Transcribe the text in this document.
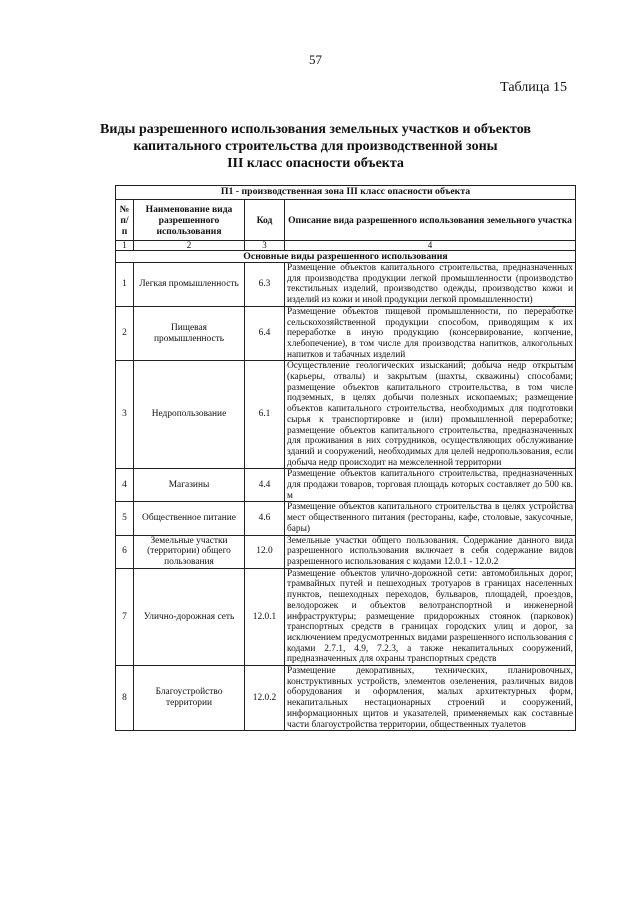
57
Таблица 15
Виды разрешенного использования земельных участков и объектов
капитального строительства для производственной зоны
III класс опасности объекта
П1 - производственная зона III класс опасности объекта			
№ п/п	Наименование вида разрешенного использования	Код	Описание вида разрешенного использования земельного участка
1	2	3	4
Основные виды разрешенного использования			
1	Легкая промышленность	6.3	Размещение объектов капитального строительства, предназначенных для производства продукции легкой промышленности (производство текстильных изделий, производство одежды, производство кожи и изделий из кожи и иной продукции легкой промышленности)
2	Пищевая промышленность	6.4	Размещение объектов пищевой промышленности, по переработке сельскохозяйственной продукции способом, приводящим к их переработке в иную продукцию (консервирование, копчение, хлебопечение), в том числе для производства напитков, алкогольных напитков и табачных изделий
3	Недропользование	6.1	Осуществление геологических изысканий; добыча недр открытым (карьеры, отвалы) и закрытым (шахты, скважины) способами; размещение объектов капитального строительства, в том числе подземных, в целях добычи полезных ископаемых; размещение объектов капитального строительства, необходимых для подготовки сырья к транспортировке и (или) промышленной переработке; размещение объектов капитального строительства, предназначенных для проживания в них сотрудников, осуществляющих обслуживание зданий и сооружений, необходимых для целей недропользования, если добыча недр происходит на межселенной территории
4	Магазины	4.4	Размещение объектов капитального строительства, предназначенных для продажи товаров, торговая площадь которых составляет до 500 кв. м
5	Общественное питание	4.6	Размещение объектов капитального строительства в целях устройства мест общественного питания (рестораны, кафе, столовые, закусочные, бары)
6	Земельные участки (территории) общего пользования	12.0	Земельные участки общего пользования. Содержание данного вида разрешенного использования включает в себя содержание видов разрешенного использования с кодами 12.0.1 - 12.0.2
7	Улично-дорожная сеть	12.0.1	Размещение объектов улично-дорожной сети: автомобильных дорог, трамвайных путей и пешеходных тротуаров в границах населенных пунктов, пешеходных переходов, бульваров, площадей, проездов, велодорожек и объектов велотранспортной и инженерной инфраструктуры; размещение придорожных стоянок (парковок) транспортных средств в границах городских улиц и дорог, за исключением предусмотренных видами разрешенного использования с кодами 2.7.1, 4.9, 7.2.3, а также некапитальных сооружений, предназначенных для охраны транспортных средств
8	Благоустройство территории	12.0.2	Размещение декоративных, технических, планировочных, конструктивных устройств, элементов озеленения, различных видов оборудования и оформления, малых архитектурных форм, некапитальных нестационарных строений и сооружений, информационных щитов и указателей, применяемых как составные части благоустройства территории, общественных туалетов
